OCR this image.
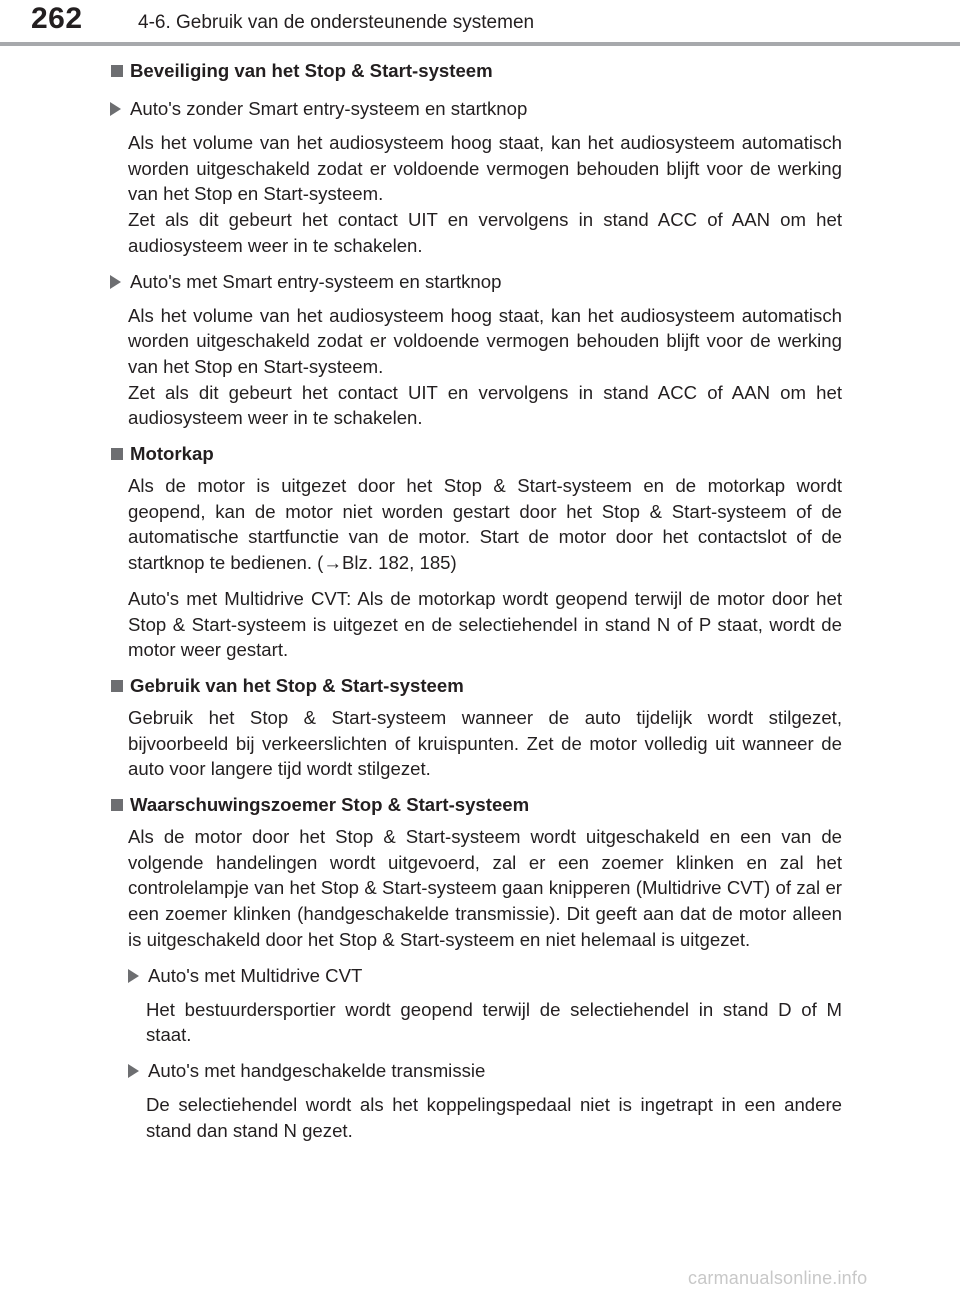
262	4-6. Gebruik van de ondersteunende systemen
Beveiliging van het Stop & Start-systeem
Auto's zonder Smart entry-systeem en startknop
Als het volume van het audiosysteem hoog staat, kan het audiosysteem automatisch worden uitgeschakeld zodat er voldoende vermogen behouden blijft voor de werking van het Stop en Start-systeem.
Zet als dit gebeurt het contact UIT en vervolgens in stand ACC of AAN om het audiosysteem weer in te schakelen.
Auto's met Smart entry-systeem en startknop
Als het volume van het audiosysteem hoog staat, kan het audiosysteem automatisch worden uitgeschakeld zodat er voldoende vermogen behouden blijft voor de werking van het Stop en Start-systeem.
Zet als dit gebeurt het contact UIT en vervolgens in stand ACC of AAN om het audiosysteem weer in te schakelen.
Motorkap
Als de motor is uitgezet door het Stop & Start-systeem en de motorkap wordt geopend, kan de motor niet worden gestart door het Stop & Start-systeem of de automatische startfunctie van de motor. Start de motor door het contactslot of de startknop te bedienen. (→Blz. 182, 185)
Auto's met Multidrive CVT: Als de motorkap wordt geopend terwijl de motor door het Stop & Start-systeem is uitgezet en de selectiehendel in stand N of P staat, wordt de motor weer gestart.
Gebruik van het Stop & Start-systeem
Gebruik het Stop & Start-systeem wanneer de auto tijdelijk wordt stilgezet, bijvoorbeeld bij verkeerslichten of kruispunten. Zet de motor volledig uit wanneer de auto voor langere tijd wordt stilgezet.
Waarschuwingszoemer Stop & Start-systeem
Als de motor door het Stop & Start-systeem wordt uitgeschakeld en een van de volgende handelingen wordt uitgevoerd, zal er een zoemer klinken en zal het controlelampje van het Stop & Start-systeem gaan knipperen (Multidrive CVT) of zal er een zoemer klinken (handgeschakelde transmissie). Dit geeft aan dat de motor alleen is uitgeschakeld door het Stop & Start-systeem en niet helemaal is uitgezet.
Auto's met Multidrive CVT
Het bestuurdersportier wordt geopend terwijl de selectiehendel in stand D of M staat.
Auto's met handgeschakelde transmissie
De selectiehendel wordt als het koppelingspedaal niet is ingetrapt in een andere stand dan stand N gezet.
carmanualsonline.info
